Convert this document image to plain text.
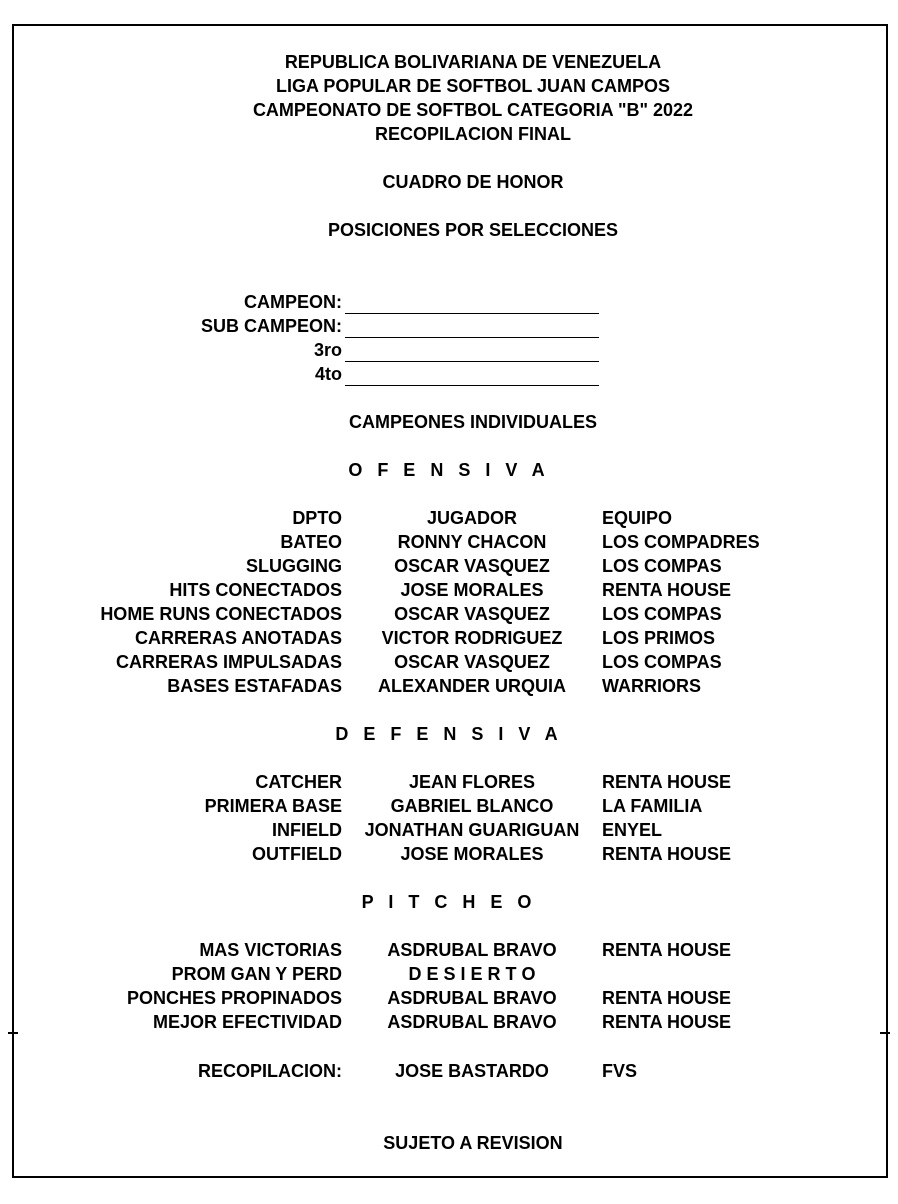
REPUBLICA BOLIVARIANA DE VENEZUELA
LIGA POPULAR DE SOFTBOL JUAN CAMPOS
CAMPEONATO DE SOFTBOL CATEGORIA "B" 2022
RECOPILACION FINAL
CUADRO DE HONOR
POSICIONES POR SELECCIONES
CAMPEON:
SUB CAMPEON:
3ro
4to
CAMPEONES INDIVIDUALES
O F E N S I V A
DPTO	JUGADOR	EQUIPO
BATEO	RONNY CHACON	LOS COMPADRES
SLUGGING	OSCAR VASQUEZ	LOS COMPAS
HITS CONECTADOS	JOSE MORALES	RENTA HOUSE
HOME RUNS CONECTADOS	OSCAR VASQUEZ	LOS COMPAS
CARRERAS ANOTADAS	VICTOR RODRIGUEZ	LOS PRIMOS
CARRERAS IMPULSADAS	OSCAR VASQUEZ	LOS COMPAS
BASES ESTAFADAS	ALEXANDER URQUIA	WARRIORS
D E F E N S I V A
CATCHER	JEAN FLORES	RENTA HOUSE
PRIMERA BASE	GABRIEL BLANCO	LA FAMILIA
INFIELD	JONATHAN GUARIGUAN	ENYEL
OUTFIELD	JOSE MORALES	RENTA HOUSE
P I T C H E O
MAS VICTORIAS	ASDRUBAL BRAVO	RENTA HOUSE
PROM GAN Y PERD	D E S I E R T O
PONCHES PROPINADOS	ASDRUBAL BRAVO	RENTA HOUSE
MEJOR EFECTIVIDAD	ASDRUBAL BRAVO	RENTA HOUSE
RECOPILACION:	JOSE BASTARDO	FVS
SUJETO A REVISION
